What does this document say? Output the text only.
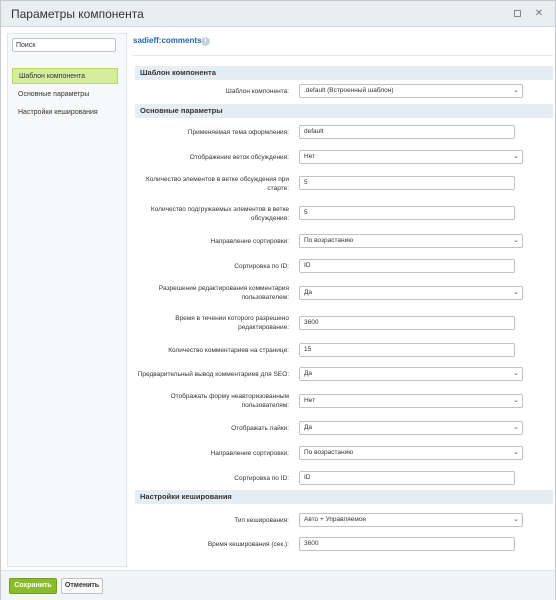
Параметры компонента	✕
Поиск
Шаблон компонента
Основные параметры
Настройки кеширования
sadieff:comments i
Шаблон компонента
Шаблон компонента:	.default (Встроенный шаблон)	⌄
Основные параметры
Применяемая тема оформления:	default
Отображение веток обсуждения:	Нет	⌄
Количество элементов в ветке обсуждения при
старте:
5
Количество подгружаемых элементов в ветке
обсуждения:
5
Направление сортировки:	По возрастанию	⌄
Сортировка по ID:	ID
Разрешение редактирования комментария
пользователем:
Да	⌄
Время в течении которого разрешено
редактирование:
3600
Количество комментариев на странице:	15
Предварительный вывод комментариев для SEO:	Да	⌄
Отображать форму неавторизованным
пользователям:
Нет	⌄
Отображать лайки:	Да	⌄
Направление сортировки:	По возрастанию	⌄
Сортировка по ID:	ID
Настройки кеширования
Тип кеширования:	Авто + Управляемое	⌄
Время кеширования (сек.):	3600
Сохранить	Отменить
